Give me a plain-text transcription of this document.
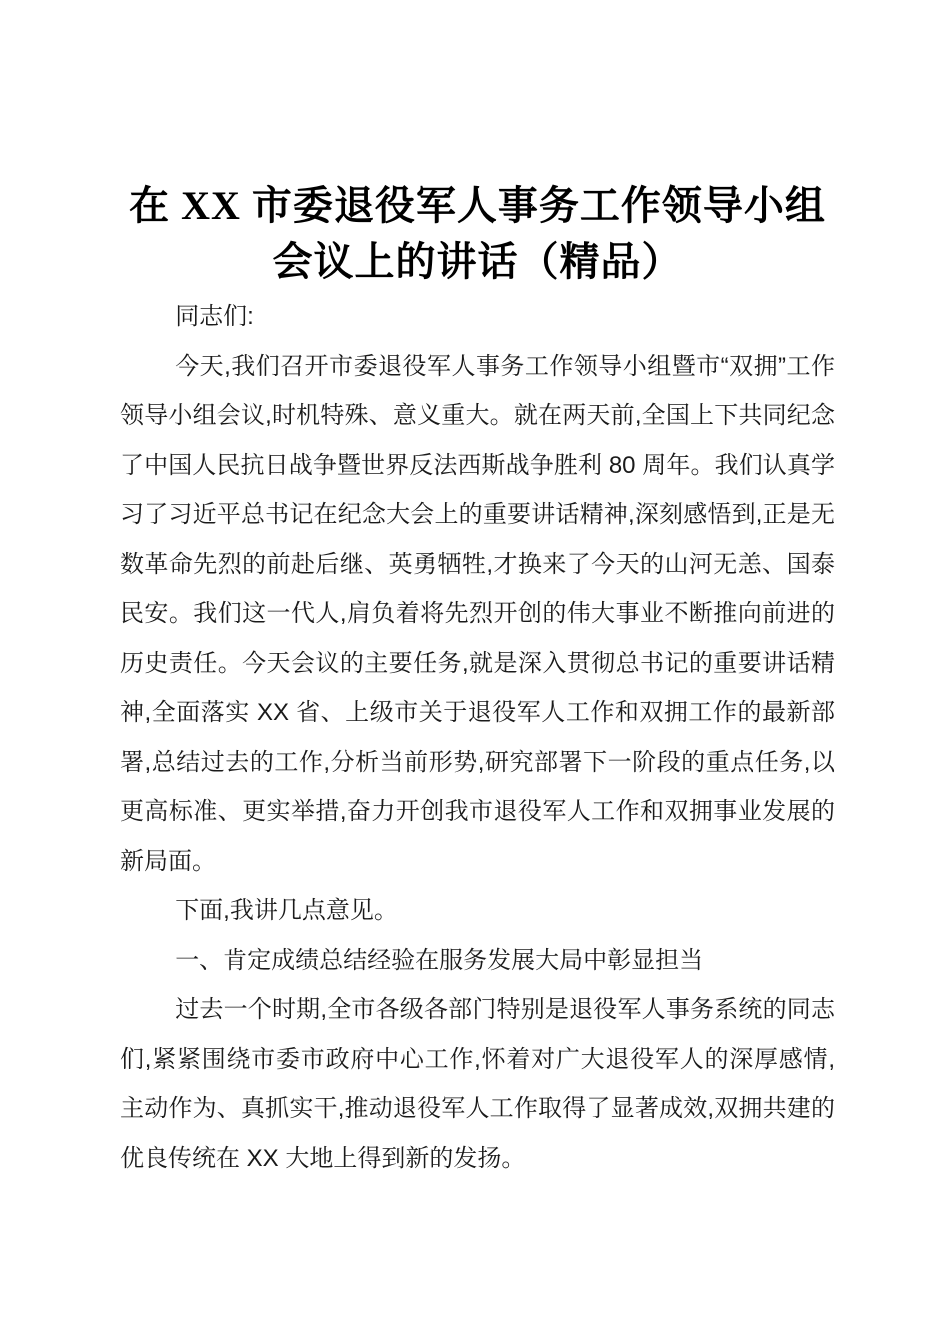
在 XX 市委退役军人事务工作领导小组
会议上的讲话（精品）

同志们:

今天,我们召开市委退役军人事务工作领导小组暨市“双拥”工作领导小组会议,时机特殊、意义重大。就在两天前,全国上下共同纪念了中国人民抗日战争暨世界反法西斯战争胜利 80 周年。我们认真学习了习近平总书记在纪念大会上的重要讲话精神,深刻感悟到,正是无数革命先烈的前赴后继、英勇牺牲,才换来了今天的山河无恙、国泰民安。我们这一代人,肩负着将先烈开创的伟大事业不断推向前进的历史责任。今天会议的主要任务,就是深入贯彻总书记的重要讲话精神,全面落实 XX 省、上级市关于退役军人工作和双拥工作的最新部署,总结过去的工作,分析当前形势,研究部署下一阶段的重点任务,以更高标准、更实举措,奋力开创我市退役军人工作和双拥事业发展的新局面。

下面,我讲几点意见。

一、肯定成绩总结经验在服务发展大局中彰显担当

过去一个时期,全市各级各部门特别是退役军人事务系统的同志们,紧紧围绕市委市政府中心工作,怀着对广大退役军人的深厚感情,主动作为、真抓实干,推动退役军人工作取得了显著成效,双拥共建的优良传统在 XX 大地上得到新的发扬。
